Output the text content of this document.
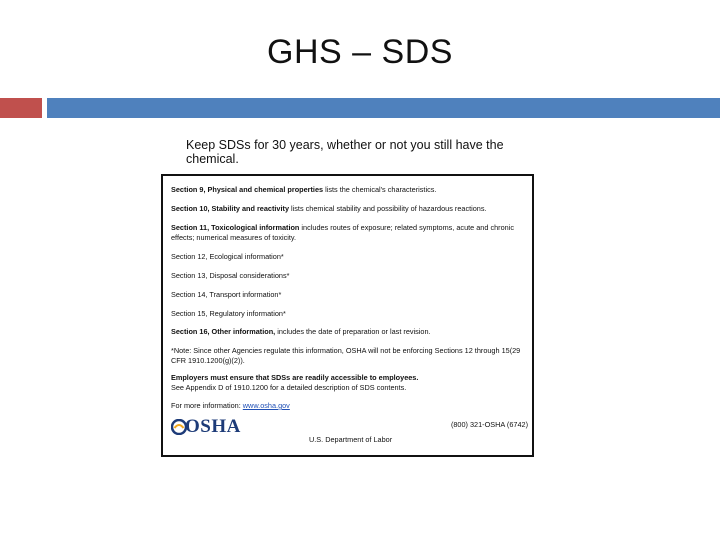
GHS – SDS
Keep SDSs for 30 years, whether or not you still have the chemical.

Section 9, Physical and chemical properties lists the chemical's characteristics.

Section 10, Stability and reactivity lists chemical stability and possibility of hazardous reactions.

Section 11, Toxicological information includes routes of exposure; related symptoms, acute and chronic effects; numerical measures of toxicity.

Section 12, Ecological information*

Section 13, Disposal considerations*

Section 14, Transport information*

Section 15, Regulatory information*

Section 16, Other information, includes the date of preparation or last revision.

*Note: Since other Agencies regulate this information, OSHA will not be enforcing Sections 12 through 15(29 CFR 1910.1200(g)(2)).

Employers must ensure that SDSs are readily accessible to employees.
See Appendix D of 1910.1200 for a detailed description of SDS contents.

For more information: www.osha.gov

OSHA	(800) 321-OSHA (6742)
U.S. Department of Labor
